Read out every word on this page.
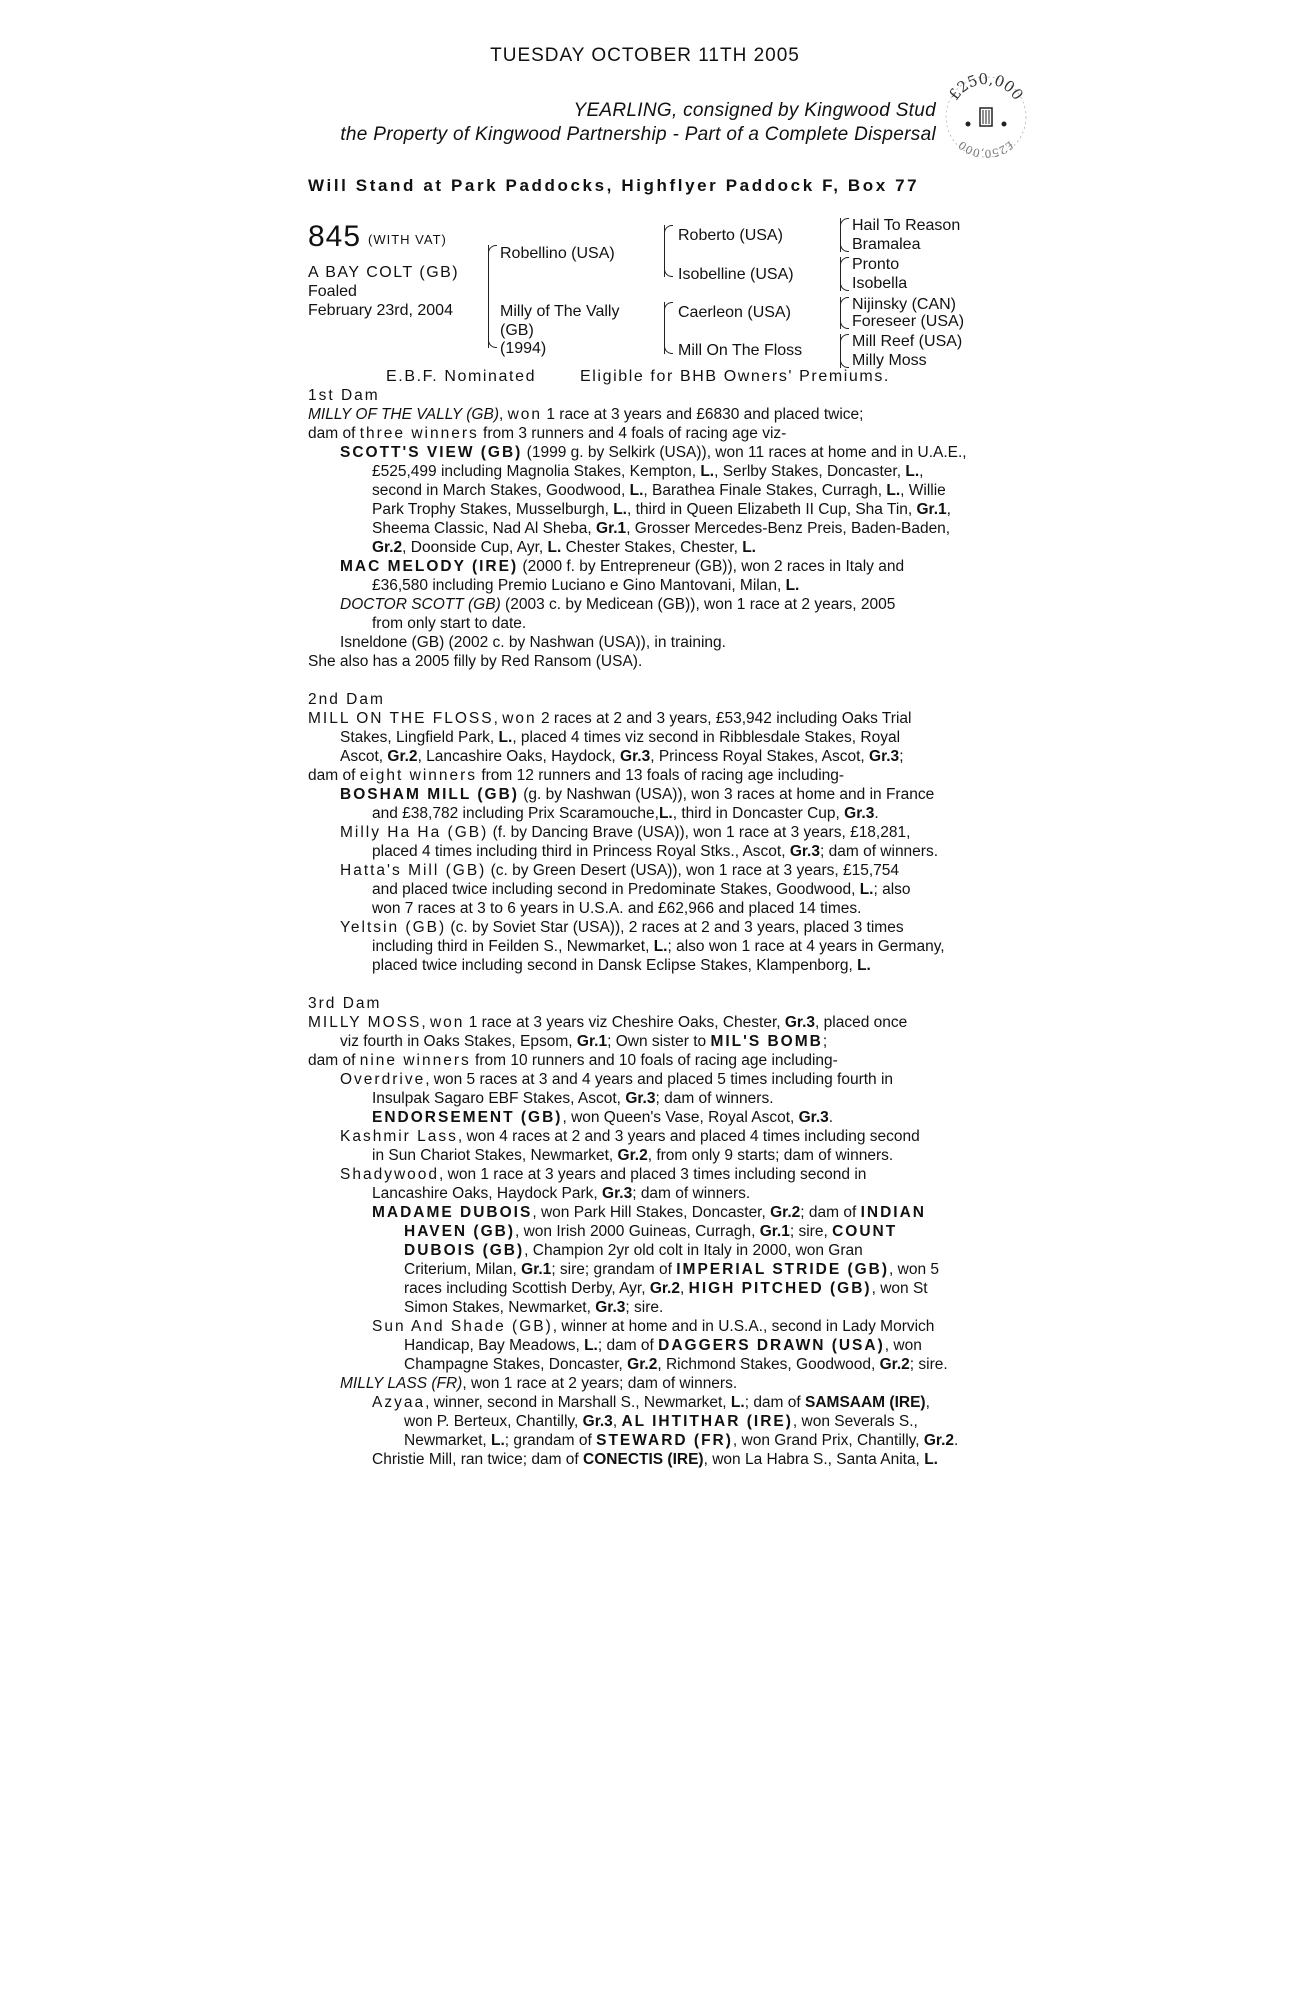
TUESDAY OCTOBER 11TH 2005
YEARLING, consigned by Kingwood Stud
the Property of Kingwood Partnership - Part of a Complete Dispersal
£250,000
£250,000
Will Stand at Park Paddocks, Highflyer Paddock F, Box 77
845 (WITH VAT)
A BAY COLT (GB)
Foaled
February 23rd, 2004
Robellino (USA)
Milly of The Vally
(GB)
(1994)
Roberto (USA)
Isobelline (USA)
Caerleon (USA)
Mill On The Floss
Hail To Reason
Bramalea
Pronto
Isobella
Nijinsky (CAN)
Foreseer (USA)
Mill Reef (USA)
Milly Moss
E.B.F. Nominated	Eligible for BHB Owners' Premiums.
1st Dam
MILLY OF THE VALLY (GB), won 1 race at 3 years and £6830 and placed twice;
dam of three winners from 3 runners and 4 foals of racing age viz-
SCOTT'S VIEW (GB) (1999 g. by Selkirk (USA)), won 11 races at home and in U.A.E.,
£525,499 including Magnolia Stakes, Kempton, L., Serlby Stakes, Doncaster, L.,
second in March Stakes, Goodwood, L., Barathea Finale Stakes, Curragh, L., Willie
Park Trophy Stakes, Musselburgh, L., third in Queen Elizabeth II Cup, Sha Tin, Gr.1,
Sheema Classic, Nad Al Sheba, Gr.1, Grosser Mercedes-Benz Preis, Baden-Baden,
Gr.2, Doonside Cup, Ayr, L. Chester Stakes, Chester, L.
MAC MELODY (IRE) (2000 f. by Entrepreneur (GB)), won 2 races in Italy and
£36,580 including Premio Luciano e Gino Mantovani, Milan, L.
DOCTOR SCOTT (GB) (2003 c. by Medicean (GB)), won 1 race at 2 years, 2005
from only start to date.
Isneldone (GB) (2002 c. by Nashwan (USA)), in training.
She also has a 2005 filly by Red Ransom (USA).
2nd Dam
MILL ON THE FLOSS, won 2 races at 2 and 3 years, £53,942 including Oaks Trial
Stakes, Lingfield Park, L., placed 4 times viz second in Ribblesdale Stakes, Royal
Ascot, Gr.2, Lancashire Oaks, Haydock, Gr.3, Princess Royal Stakes, Ascot, Gr.3;
dam of eight winners from 12 runners and 13 foals of racing age including-
BOSHAM MILL (GB) (g. by Nashwan (USA)), won 3 races at home and in France
and £38,782 including Prix Scaramouche,L., third in Doncaster Cup, Gr.3.
Milly Ha Ha (GB) (f. by Dancing Brave (USA)), won 1 race at 3 years, £18,281,
placed 4 times including third in Princess Royal Stks., Ascot, Gr.3; dam of winners.
Hatta's Mill (GB) (c. by Green Desert (USA)), won 1 race at 3 years, £15,754
and placed twice including second in Predominate Stakes, Goodwood, L.; also
won 7 races at 3 to 6 years in U.S.A. and £62,966 and placed 14 times.
Yeltsin (GB) (c. by Soviet Star (USA)), 2 races at 2 and 3 years, placed 3 times
including third in Feilden S., Newmarket, L.; also won 1 race at 4 years in Germany,
placed twice including second in Dansk Eclipse Stakes, Klampenborg, L.
3rd Dam
MILLY MOSS, won 1 race at 3 years viz Cheshire Oaks, Chester, Gr.3, placed once
viz fourth in Oaks Stakes, Epsom, Gr.1; Own sister to MIL'S BOMB;
dam of nine winners from 10 runners and 10 foals of racing age including-
Overdrive, won 5 races at 3 and 4 years and placed 5 times including fourth in
Insulpak Sagaro EBF Stakes, Ascot, Gr.3; dam of winners.
ENDORSEMENT (GB), won Queen's Vase, Royal Ascot, Gr.3.
Kashmir Lass, won 4 races at 2 and 3 years and placed 4 times including second
in Sun Chariot Stakes, Newmarket, Gr.2, from only 9 starts; dam of winners.
Shadywood, won 1 race at 3 years and placed 3 times including second in
Lancashire Oaks, Haydock Park, Gr.3; dam of winners.
MADAME DUBOIS, won Park Hill Stakes, Doncaster, Gr.2; dam of INDIAN
HAVEN (GB), won Irish 2000 Guineas, Curragh, Gr.1; sire, COUNT
DUBOIS (GB), Champion 2yr old colt in Italy in 2000, won Gran
Criterium, Milan, Gr.1; sire; grandam of IMPERIAL STRIDE (GB), won 5
races including Scottish Derby, Ayr, Gr.2, HIGH PITCHED (GB), won St
Simon Stakes, Newmarket, Gr.3; sire.
Sun And Shade (GB), winner at home and in U.S.A., second in Lady Morvich
Handicap, Bay Meadows, L.; dam of DAGGERS DRAWN (USA), won
Champagne Stakes, Doncaster, Gr.2, Richmond Stakes, Goodwood, Gr.2; sire.
MILLY LASS (FR), won 1 race at 2 years; dam of winners.
Azyaa, winner, second in Marshall S., Newmarket, L.; dam of SAMSAAM (IRE),
won P. Berteux, Chantilly, Gr.3, AL IHTITHAR (IRE), won Severals S.,
Newmarket, L.; grandam of STEWARD (FR), won Grand Prix, Chantilly, Gr.2.
Christie Mill, ran twice; dam of CONECTIS (IRE), won La Habra S., Santa Anita, L.
